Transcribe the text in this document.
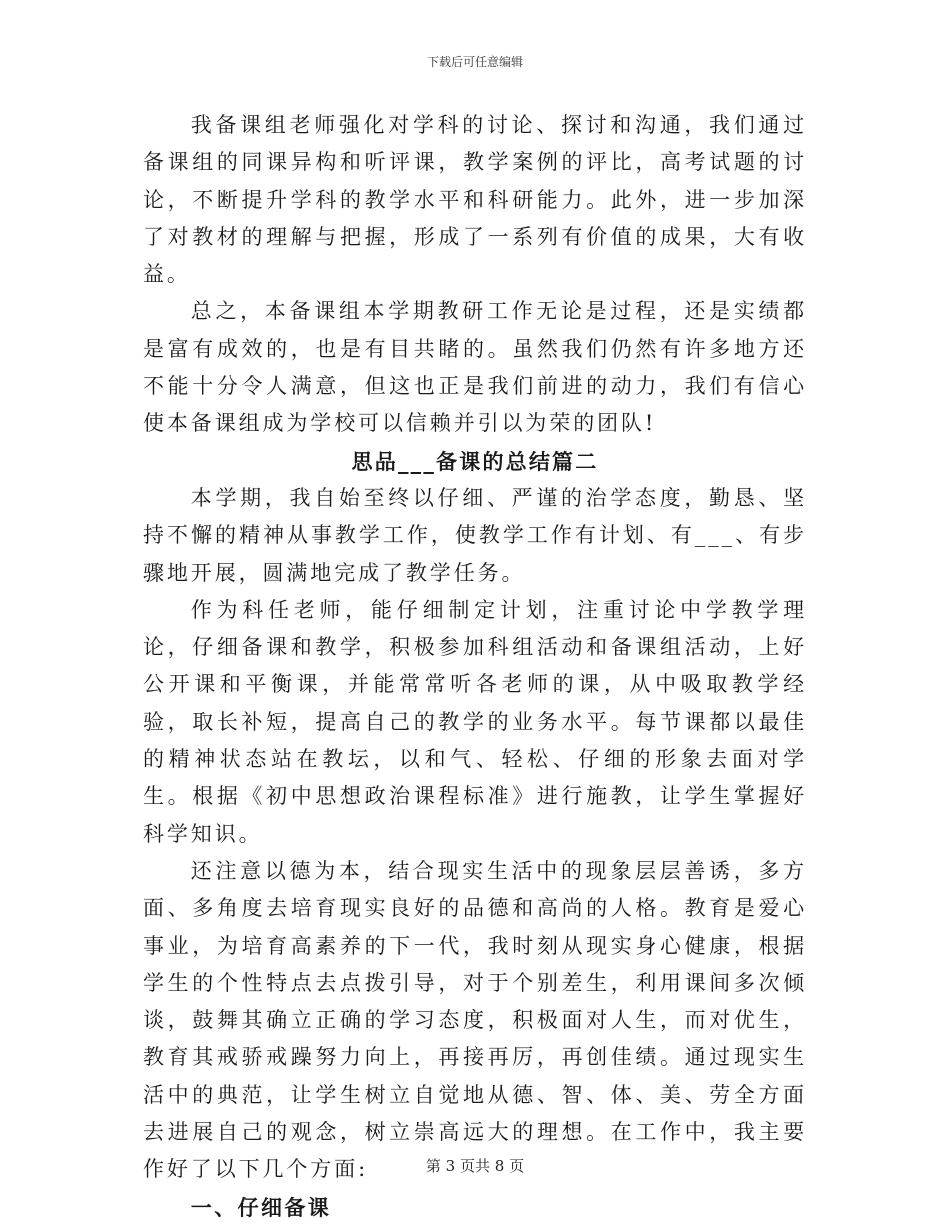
下载后可任意编辑

我备课组老师强化对学科的讨论、探讨和沟通，我们通过备课组的同课异构和听评课，教学案例的评比，高考试题的讨论，不断提升学科的教学水平和科研能力。此外，进一步加深了对教材的理解与把握，形成了一系列有价值的成果，大有收益。

总之，本备课组本学期教研工作无论是过程，还是实绩都是富有成效的，也是有目共睹的。虽然我们仍然有许多地方还不能十分令人满意，但这也正是我们前进的动力，我们有信心使本备课组成为学校可以信赖并引以为荣的团队!

思品___备课的总结篇二

本学期，我自始至终以仔细、严谨的治学态度，勤恳、坚持不懈的精神从事教学工作，使教学工作有计划、有___、有步骤地开展，圆满地完成了教学任务。

作为科任老师，能仔细制定计划，注重讨论中学教学理论，仔细备课和教学，积极参加科组活动和备课组活动，上好公开课和平衡课，并能常常听各老师的课，从中吸取教学经验，取长补短，提高自己的教学的业务水平。每节课都以最佳的精神状态站在教坛，以和气、轻松、仔细的形象去面对学生。根据《初中思想政治课程标准》进行施教，让学生掌握好科学知识。

还注意以德为本，结合现实生活中的现象层层善诱，多方面、多角度去培育现实良好的品德和高尚的人格。教育是爱心事业，为培育高素养的下一代，我时刻从现实身心健康，根据学生的个性特点去点拨引导，对于个别差生，利用课间多次倾谈，鼓舞其确立正确的学习态度，积极面对人生，而对优生，教育其戒骄戒躁努力向上，再接再厉，再创佳绩。通过现实生活中的典范，让学生树立自觉地从德、智、体、美、劳全方面去进展自己的观念，树立崇高远大的理想。在工作中，我主要作好了以下几个方面:

一、仔细备课

第 3 页共 8 页
